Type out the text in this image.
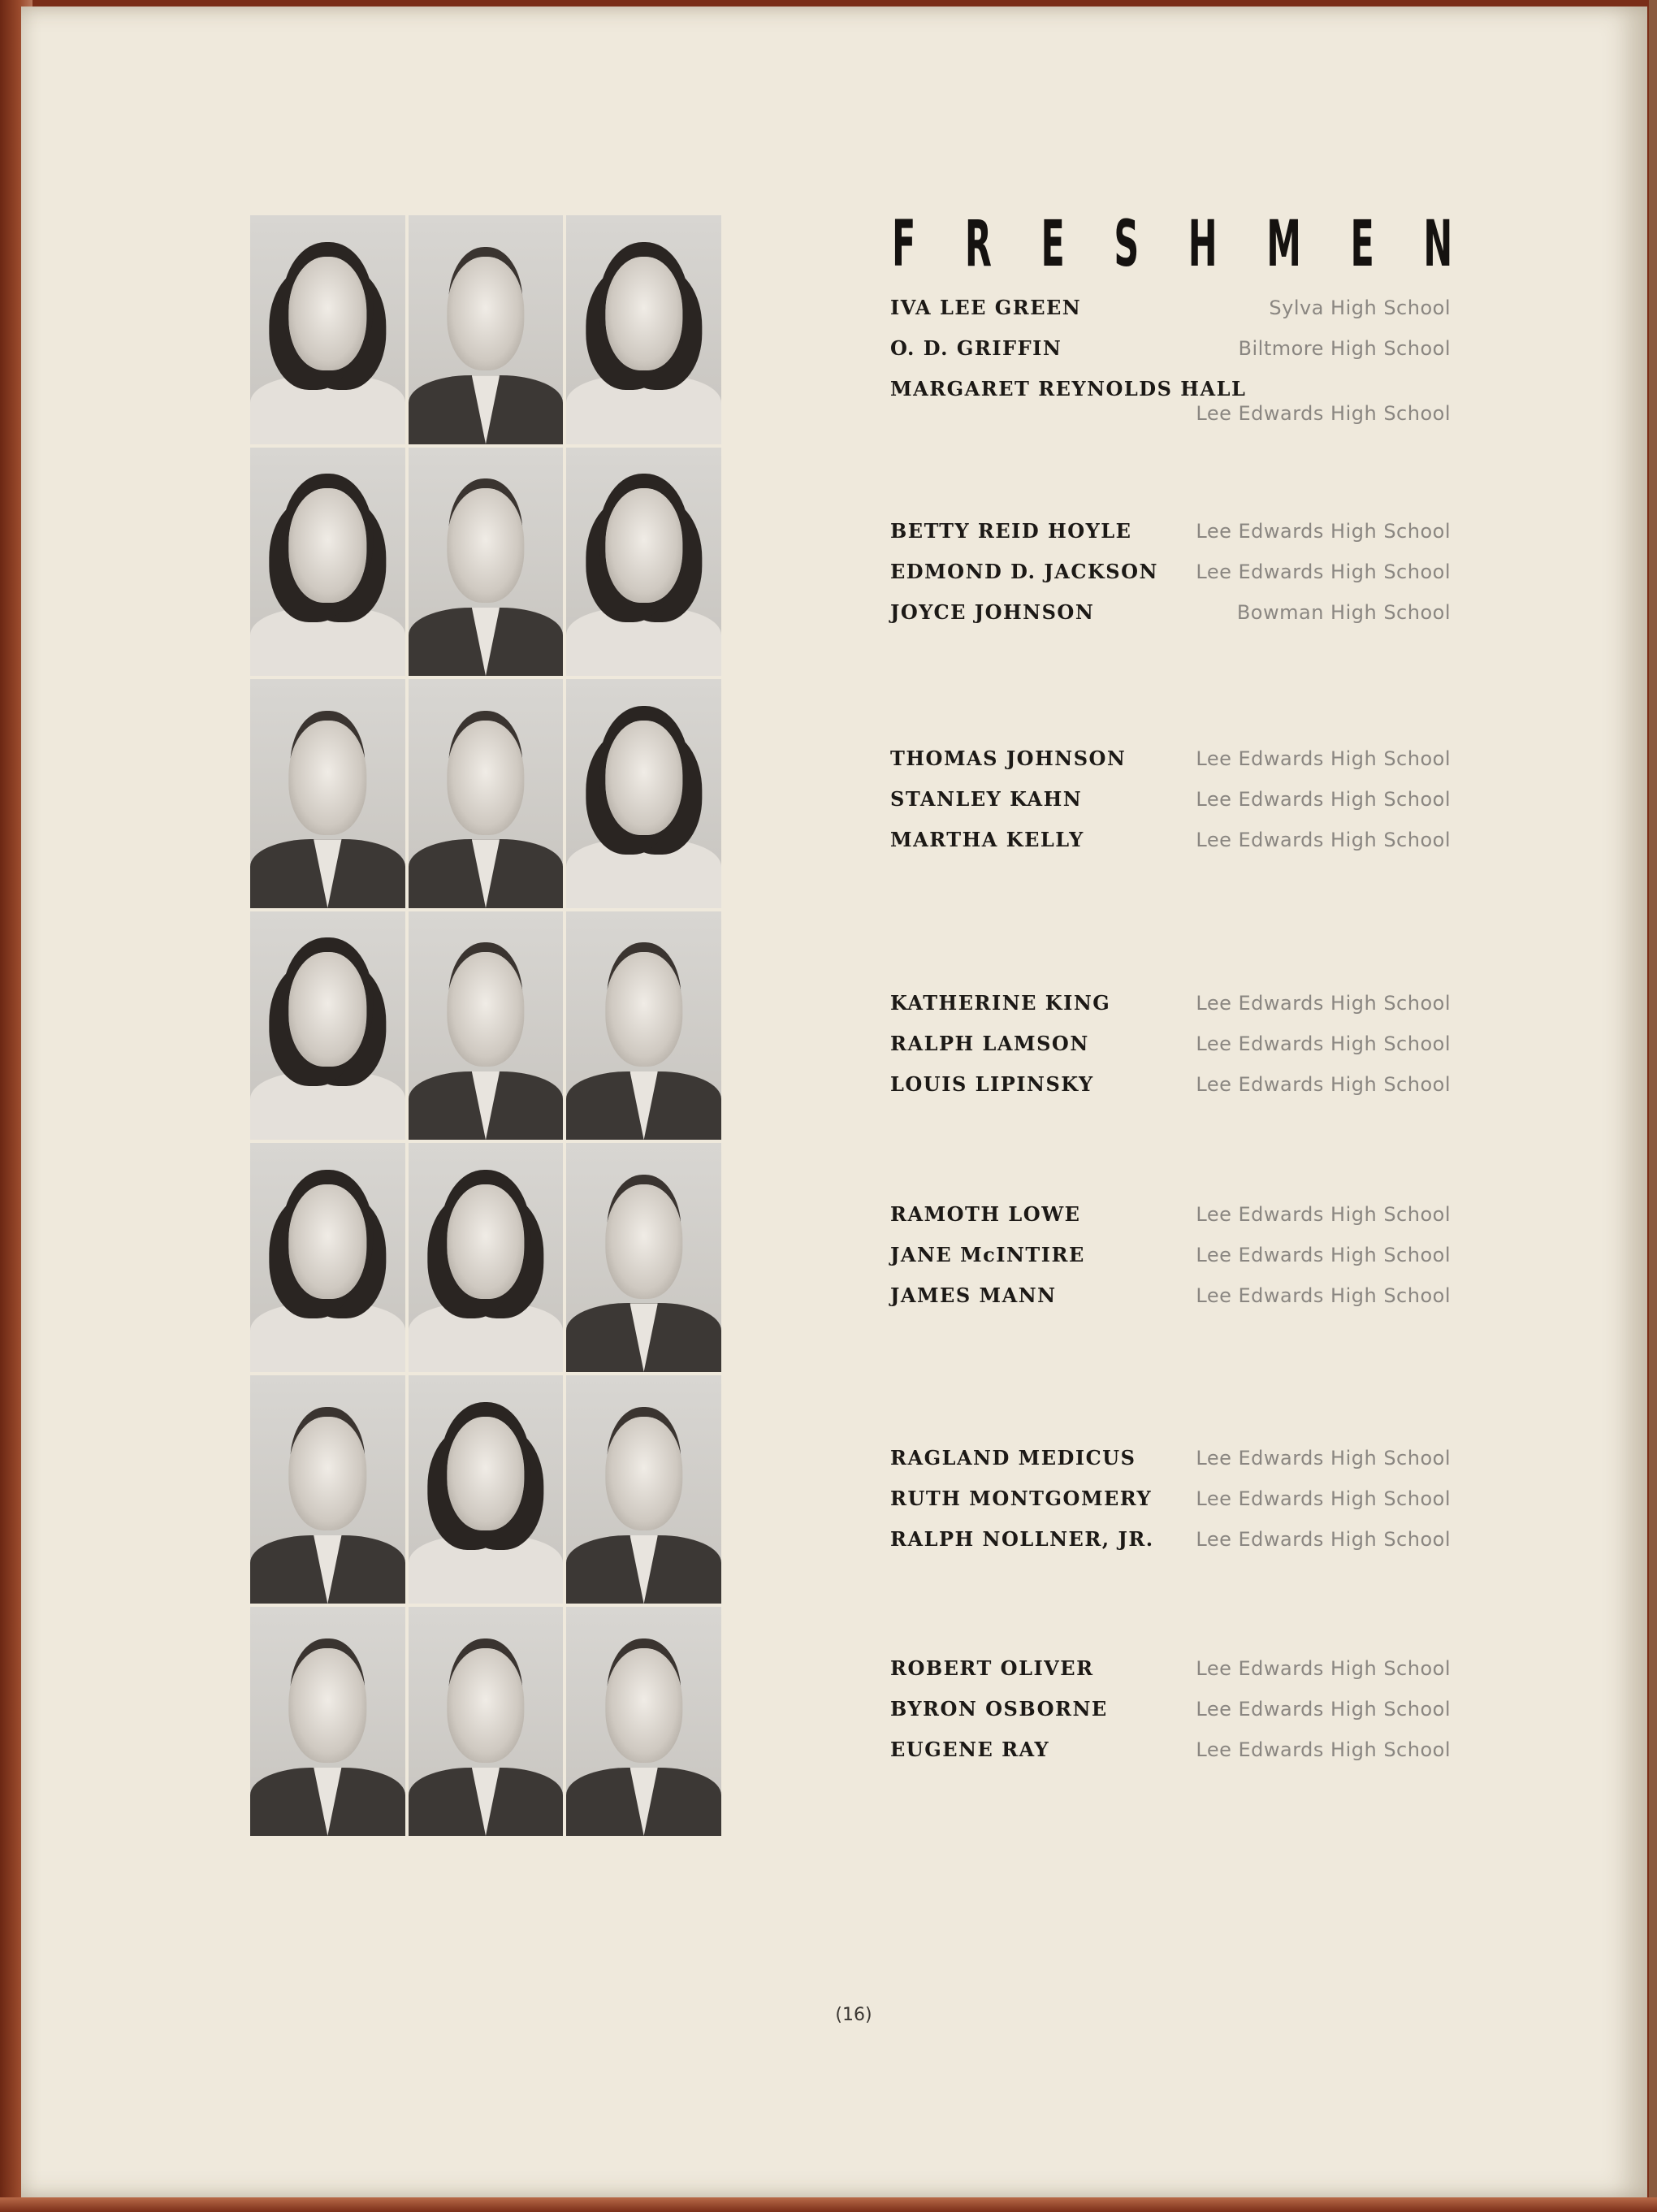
F R E S H M E N
IVA LEE GREEN	Sylva High School
O. D. GRIFFIN	Biltmore High School
MARGARET REYNOLDS HALL
Lee Edwards High School
BETTY REID HOYLE	Lee Edwards High School
EDMOND D. JACKSON Lee Edwards High School
JOYCE JOHNSON	Bowman High School
THOMAS JOHNSON	Lee Edwards High School
STANLEY KAHN	Lee Edwards High School
MARTHA KELLY	Lee Edwards High School
KATHERINE KING	Lee Edwards High School
RALPH LAMSON	Lee Edwards High School
LOUIS LIPINSKY	Lee Edwards High School
RAMOTH LOWE	Lee Edwards High School
JANE McINTIRE	Lee Edwards High School
JAMES MANN	Lee Edwards High School
RAGLAND MEDICUS	Lee Edwards High School
RUTH MONTGOMERY Lee Edwards High School
RALPH NOLLNER, JR. Lee Edwards High School
ROBERT OLIVER	Lee Edwards High School
BYRON OSBORNE	Lee Edwards High School
EUGENE RAY	Lee Edwards High School
(16)
